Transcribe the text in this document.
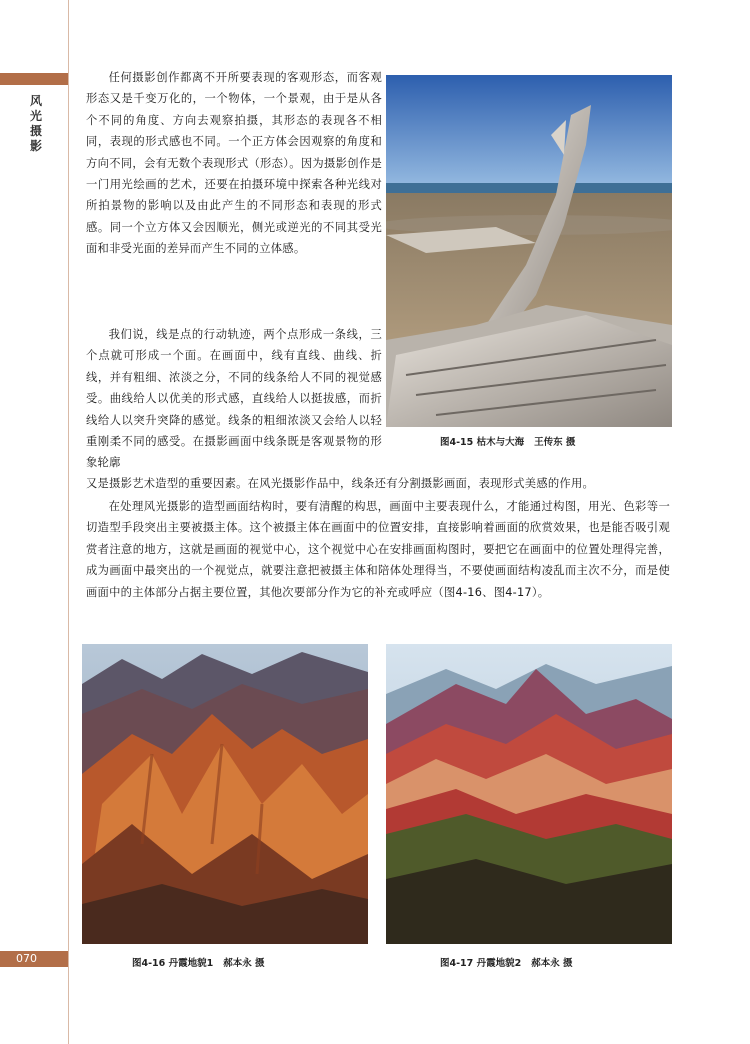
风光摄影
070
任何摄影创作都离不开所要表现的客观形态，而客观形态又是千变万化的，一个物体，一个景观，由于是从各个不同的角度、方向去观察拍摄，其形态的表现各不相同，表现的形式感也不同。一个正方体会因观察的角度和方向不同，会有无数个表现形式（形态）。因为摄影创作是一门用光绘画的艺术，还要在拍摄环境中探索各种光线对所拍景物的影响以及由此产生的不同形态和表现的形式感。同一个立方体又会因顺光，侧光或逆光的不同其受光面和非受光面的差异而产生不同的立体感。
我们说，线是点的行动轨迹，两个点形成一条线，三个点就可形成一个面。在画面中，线有直线、曲线、折线，并有粗细、浓淡之分，不同的线条给人不同的视觉感受。曲线给人以优美的形式感，直线给人以挺拔感，而折线给人以突升突降的感觉。线条的粗细浓淡又会给人以轻重刚柔不同的感受。在摄影画面中线条既是客观景物的形象轮廓
又是摄影艺术造型的重要因素。在风光摄影作品中，线条还有分割摄影画面，表现形式美感的作用。
在处理风光摄影的造型画面结构时，要有清醒的构思，画面中主要表现什么，才能通过构图，用光、色彩等一切造型手段突出主要被摄主体。这个被摄主体在画面中的位置安排，直接影响着画面的欣赏效果，也是能否吸引观赏者注意的地方，这就是画面的视觉中心，这个视觉中心在安排画面构图时，要把它在画面中的位置处理得完善，成为画面中最突出的一个视觉点，就要注意把被摄主体和陪体处理得当，不要使画面结构凌乱而主次不分，而是使画面中的主体部分占据主要位置，其他次要部分作为它的补充或呼应（图4-16、图4-17）。
图4-15 枯木与大海 王传东 摄
图4-16 丹霞地貌1 郝本永 摄	图4-17 丹霞地貌2 郝本永 摄
